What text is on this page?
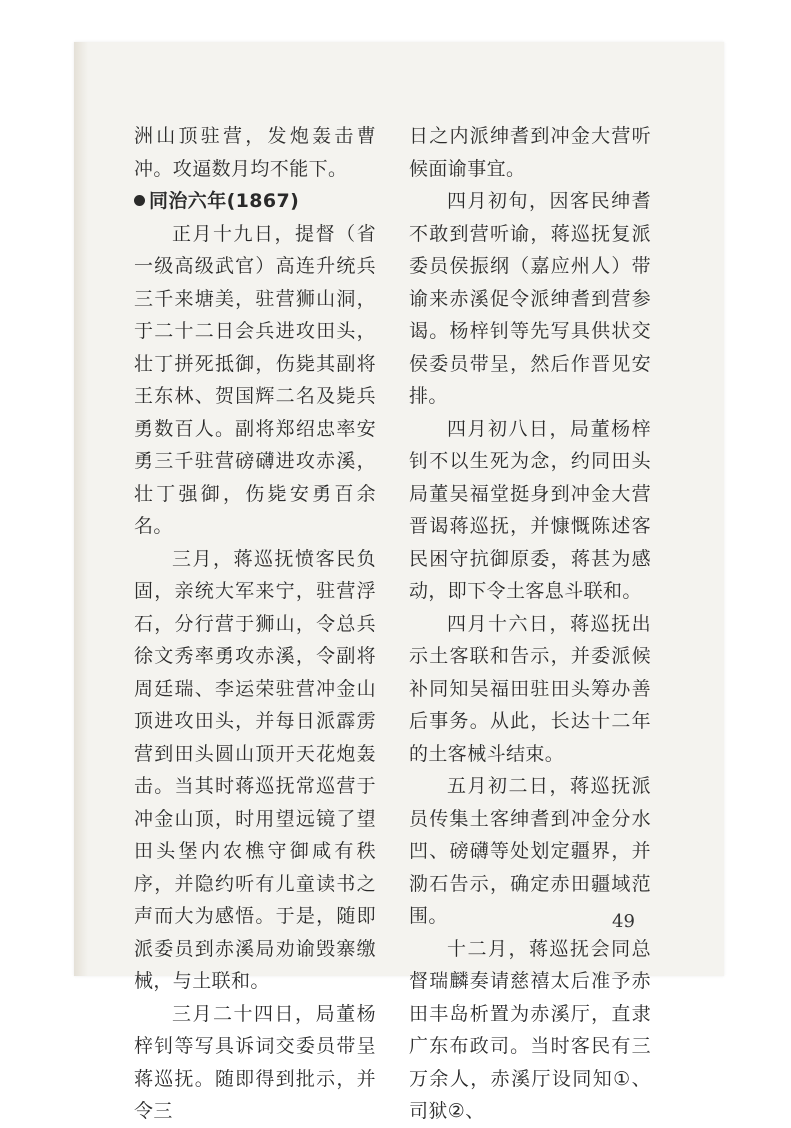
洲山顶驻营，发炮轰击曹冲。攻逼数月均不能下。

同治六年(1867)

正月十九日，提督（省一级高级武官）高连升统兵三千来塘美，驻营狮山洞，于二十二日会兵进攻田头，壮丁拼死抵御，伤毙其副将王东林、贺国辉二名及毙兵勇数百人。副将郑绍忠率安勇三千驻营磅礴进攻赤溪，壮丁强御，伤毙安勇百余名。

三月，蒋巡抚愤客民负固，亲统大军来宁，驻营浮石，分行营于狮山，令总兵徐文秀率勇攻赤溪，令副将周廷瑞、李运荣驻营冲金山顶进攻田头，并每日派霹雳营到田头圆山顶开天花炮轰击。当其时蒋巡抚常巡营于冲金山顶，时用望远镜了望田头堡内农樵守御咸有秩序，并隐约听有儿童读书之声而大为感悟。于是，随即派委员到赤溪局劝谕毁寨缴械，与土联和。

三月二十四日，局董杨梓钊等写具诉词交委员带呈蒋巡抚。随即得到批示，并令三

日之内派绅耆到冲金大营听候面谕事宜。

四月初旬，因客民绅耆不敢到营听谕，蒋巡抚复派委员侯振纲（嘉应州人）带谕来赤溪促令派绅耆到营参谒。杨梓钊等先写具供状交侯委员带呈，然后作晋见安排。

四月初八日，局董杨梓钊不以生死为念，约同田头局董吴福堂挺身到冲金大营晋谒蒋巡抚，并慷慨陈述客民困守抗御原委，蒋甚为感动，即下令土客息斗联和。

四月十六日，蒋巡抚出示土客联和告示，并委派候补同知吴福田驻田头筹办善后事务。从此，长达十二年的土客械斗结束。

五月初二日，蒋巡抚派员传集土客绅耆到冲金分水凹、磅礴等处划定疆界，并泐石告示，确定赤田疆域范围。

十二月，蒋巡抚会同总督瑞麟奏请慈禧太后准予赤田丰岛析置为赤溪厅，直隶广东布政司。当时客民有三万余人，赤溪厅设同知①、司狱②、

49
